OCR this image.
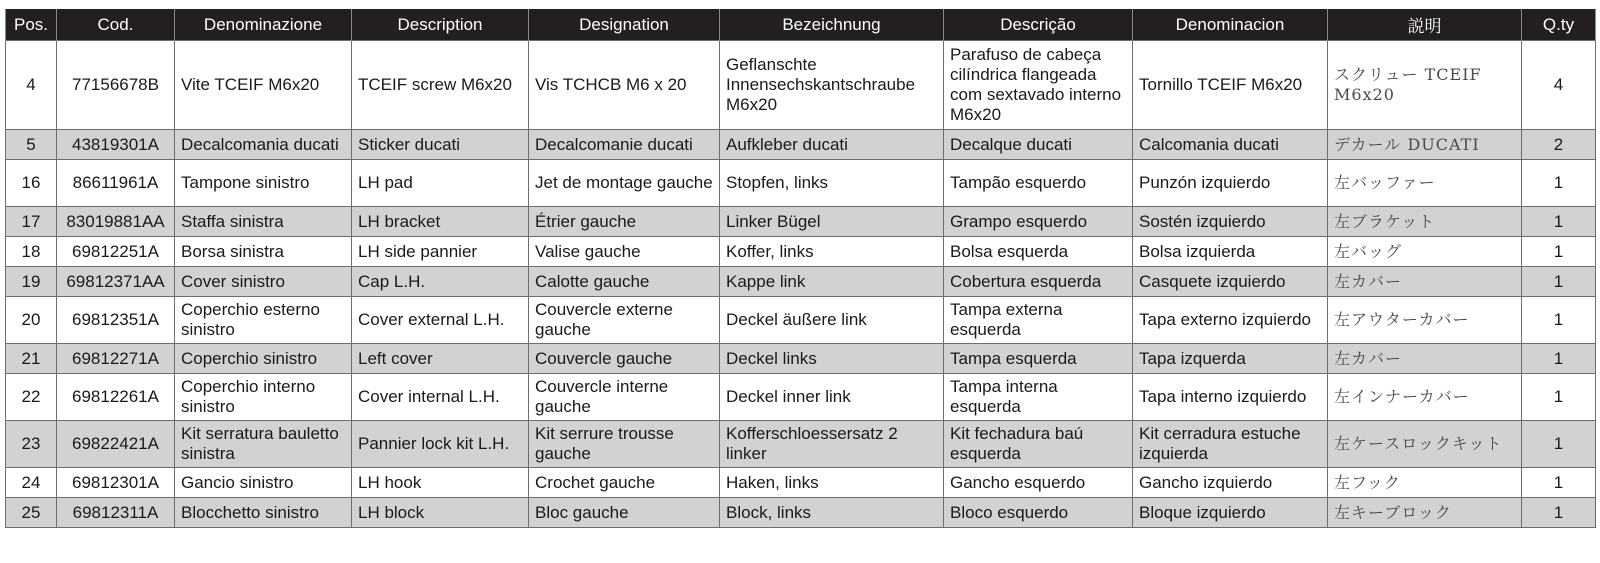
Pos.	Cod.	Denominazione	Description	Designation	Bezeichnung	Descrição	Denominacion	説明	Q.ty
4	77156678B	Vite TCEIF M6x20	TCEIF screw M6x20	Vis TCHCB M6 x 20	Geflanschte Innensechskantschraube M6x20	Parafuso de cabeça cilíndrica flangeada com sextavado interno M6x20	Tornillo TCEIF M6x20	スクリュー TCEIF M6x20	4
5	43819301A	Decalcomania ducati	Sticker ducati	Decalcomanie ducati	Aufkleber ducati	Decalque ducati	Calcomania ducati	デカール DUCATI	2
16	86611961A	Tampone sinistro	LH pad	Jet de montage gauche	Stopfen, links	Tampão esquerdo	Punzón izquierdo	左バッファー	1
17	83019881AA	Staffa sinistra	LH bracket	Étrier gauche	Linker Bügel	Grampo esquerdo	Sostén izquierdo	左ブラケット	1
18	69812251A	Borsa sinistra	LH side pannier	Valise gauche	Koffer, links	Bolsa esquerda	Bolsa izquierda	左バッグ	1
19	69812371AA	Cover sinistro	Cap L.H.	Calotte gauche	Kappe link	Cobertura esquerda	Casquete izquierdo	左カバー	1
20	69812351A	Coperchio esterno sinistro	Cover external L.H.	Couvercle externe gauche	Deckel äußere link	Tampa externa esquerda	Tapa externo izquierdo	左アウターカバー	1
21	69812271A	Coperchio sinistro	Left cover	Couvercle gauche	Deckel links	Tampa esquerda	Tapa izquerda	左カバー	1
22	69812261A	Coperchio interno sinistro	Cover internal L.H.	Couvercle interne gauche	Deckel inner link	Tampa interna esquerda	Tapa interno izquierdo	左インナーカバー	1
23	69822421A	Kit serratura bauletto sinistra	Pannier lock kit L.H.	Kit serrure trousse gauche	Kofferschloessersatz 2 linker	Kit fechadura baú esquerda	Kit cerradura estuche izquierda	左ケースロックキット	1
24	69812301A	Gancio sinistro	LH hook	Crochet gauche	Haken, links	Gancho esquerdo	Gancho izquierdo	左フック	1
25	69812311A	Blocchetto sinistro	LH block	Bloc gauche	Block, links	Bloco esquerdo	Bloque izquierdo	左キーブロック	1
